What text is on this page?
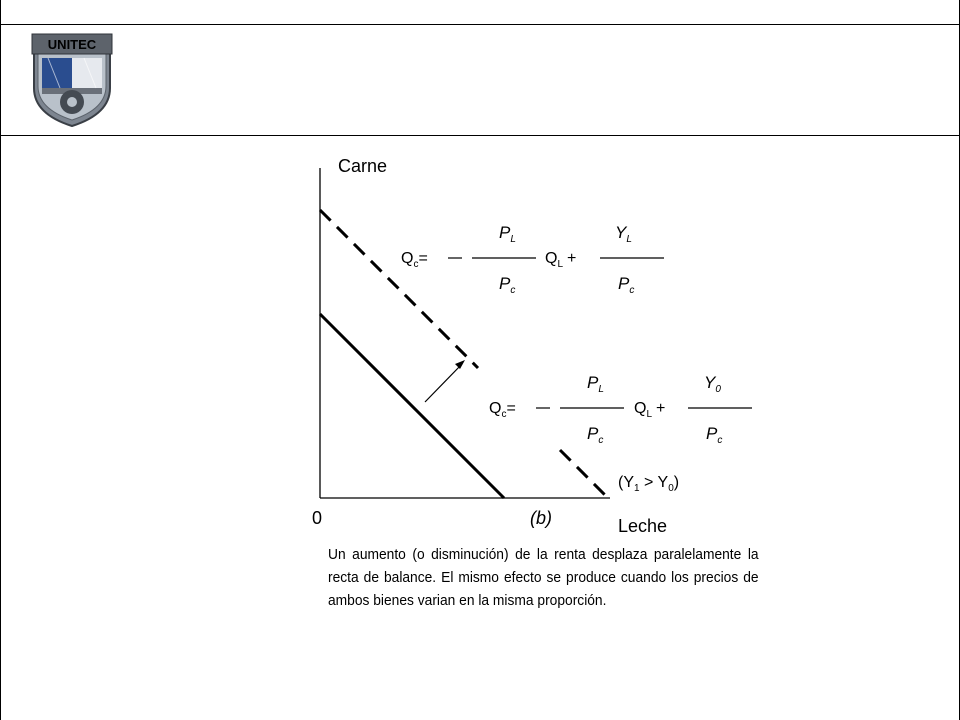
UNITEC
Carne
Leche
0	(b)
$Q_c=$
$P_L$
$P_c$
$Q_L$ +
$Y_L$
$P_c$
$Q_c=$
$P_L$
$P_c$
$Q_L$ +
$Y_0$
$P_c$
$(Y_1 > Y_0)$
Un aumento (o disminución) de la renta desplaza paralelamente la recta de balance. El mismo efecto se produce cuando los precios de ambos bienes varian en la misma proporción.
